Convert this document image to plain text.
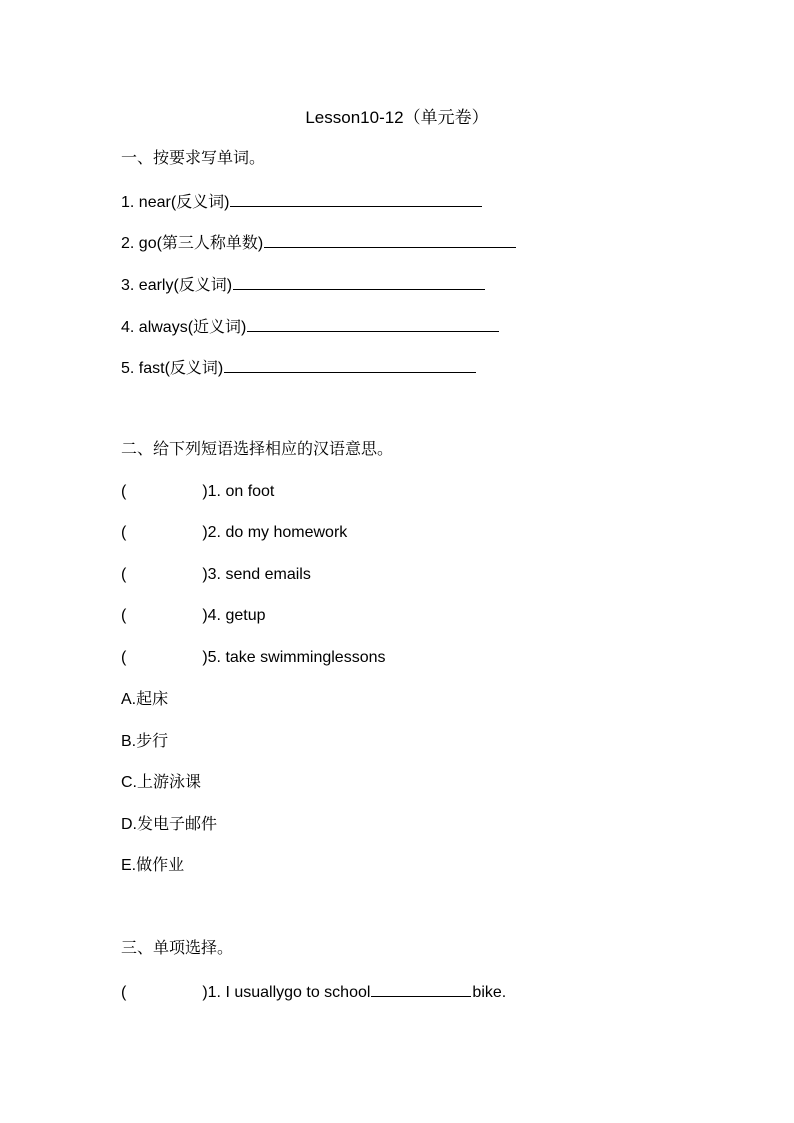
Lesson10-12（单元卷）
一、按要求写单词。
1. near(反义词)
2. go(第三人称单数)
3. early(反义词)
4. always(近义词)
5. fast(反义词)
二、给下列短语选择相应的汉语意思。
(	)1. on foot
(	)2. do my homework
(	)3. send emails
(	)4. getup
(	)5. take swimminglessons
A.起床
B.步行
C.上游泳课
D.发电子邮件
E.做作业
三、单项选择。
(	)1. I usuallygo to school	bike.
